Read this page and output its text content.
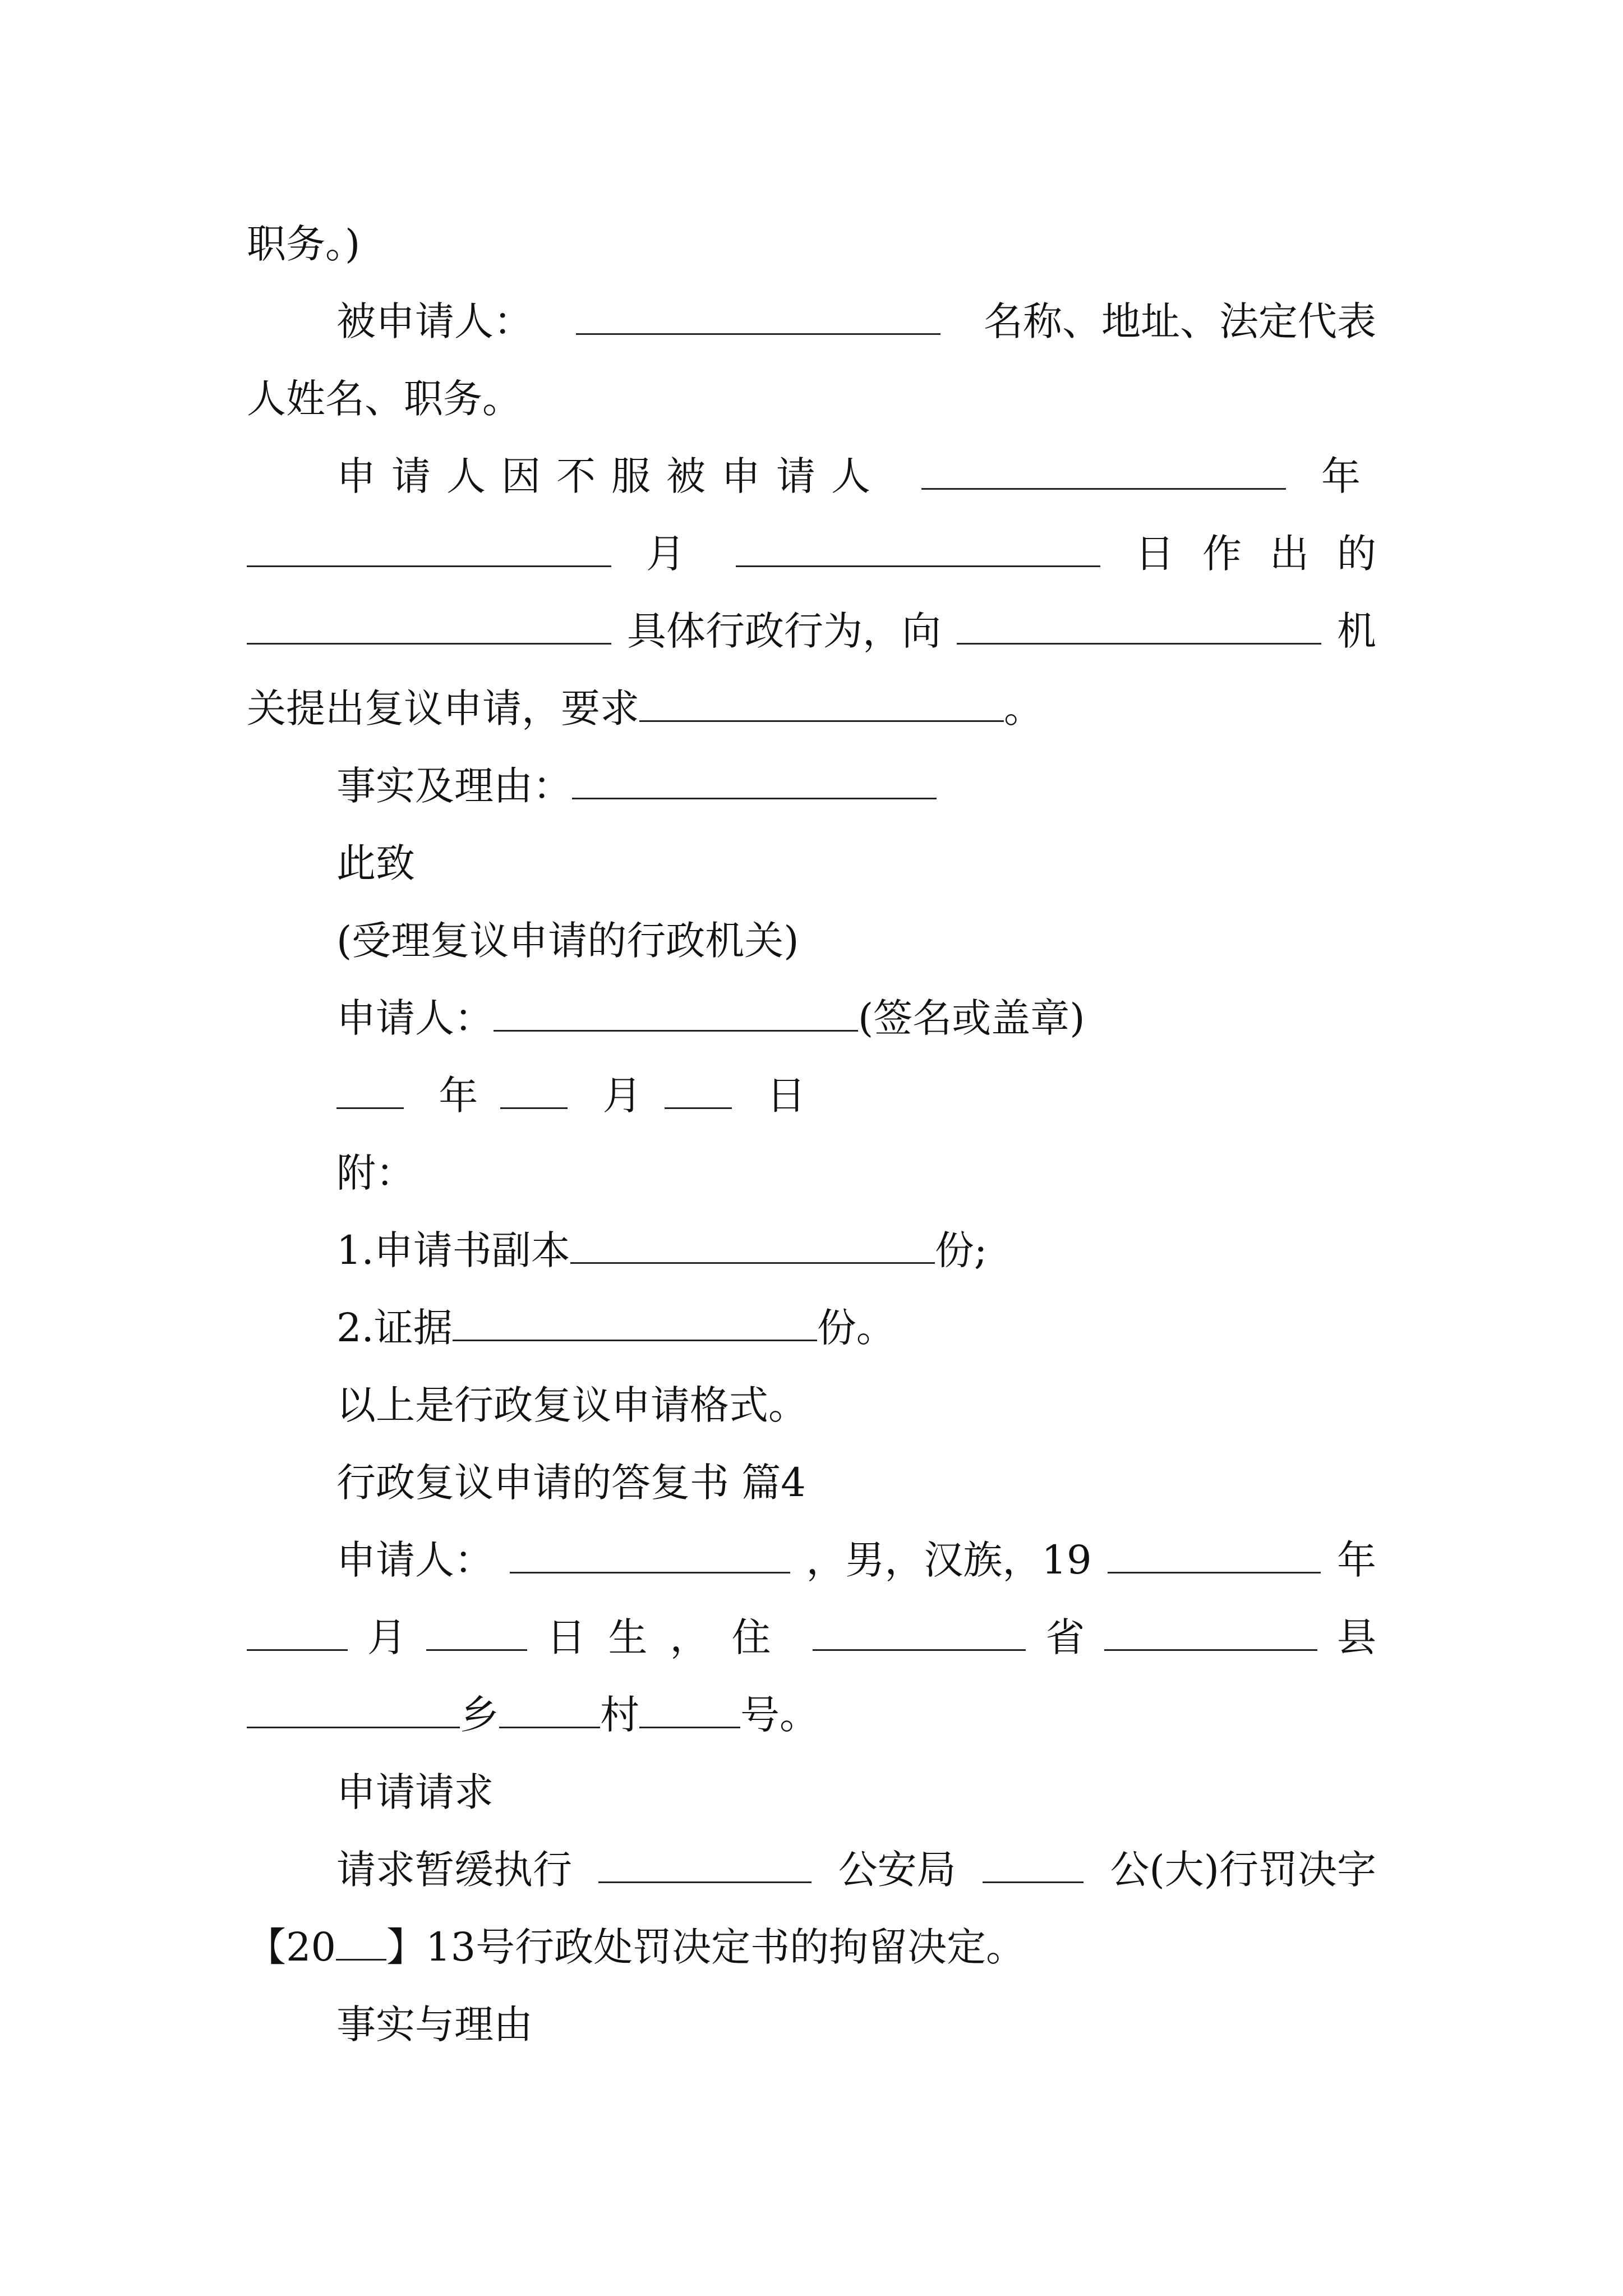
职务。)
被申请人：	名称、地址、法定代表
人姓名、职务。
申请人因不服被申请人	年
月	日作出的
具体行政行为，向	机
关提出复议申请，要求	。
事实及理由：
此致
(受理复议申请的行政机关)
申请人：	(签名或盖章)
年	月	日
附：
1.申请书副本	份;
2.证据	份。
以上是行政复议申请格式。
行政复议申请的答复书 篇4
申请人：	，男，汉族，19	年
月	日生，住	省	县
乡	村	号。
申请请求
请求暂缓执行	公安局	公(大)行罚决字
【20 】13号行政处罚决定书的拘留决定。
事实与理由
